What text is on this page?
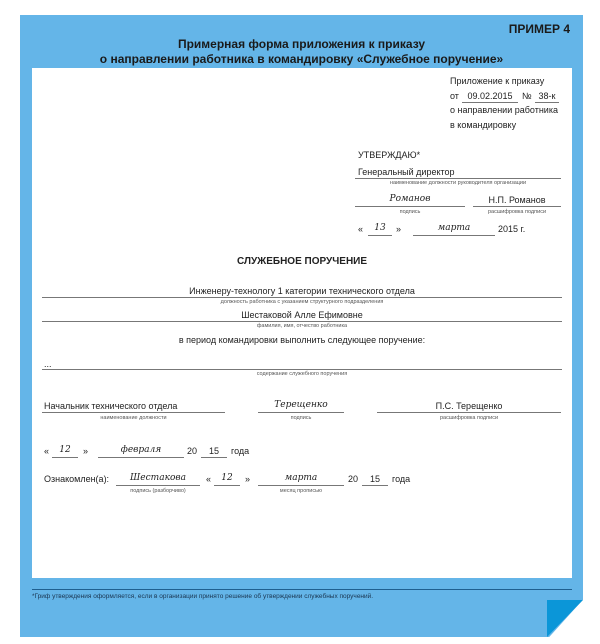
ПРИМЕР 4
Примерная форма приложения к приказу
о направлении работника в командировку «Служебное поручение»
Приложение к приказу
от 09.02.2015	№ 38-к
о направлении работника
в командировку
УТВЕРЖДАЮ*
Генеральный директор
наименование должности руководителя организации
Романов
подпись
Н.П. Романов
расшифровка подписи
«	13	»	марта	2015 г.
СЛУЖЕБНОЕ ПОРУЧЕНИЕ
Инженеру-технологу 1 категории технического отдела
должность работника с указанием структурного подразделения
Шестаковой Алле Ефимовне
фамилия, имя, отчество работника
в период командировки выполнить следующее поручение:
...
содержание служебного поручения
Начальник технического отдела
наименование должности
Терещенко
подпись
П.С. Терещенко
расшифровка подписи
«	12	»	февраля	20	15	года
Ознакомлен(а):	Шестакова
подпись (разборчиво)
«	12	»	марта
месяц прописью
20	15	года
*Гриф утверждения оформляется, если в организации принято решение об утверждении служебных поручений.
